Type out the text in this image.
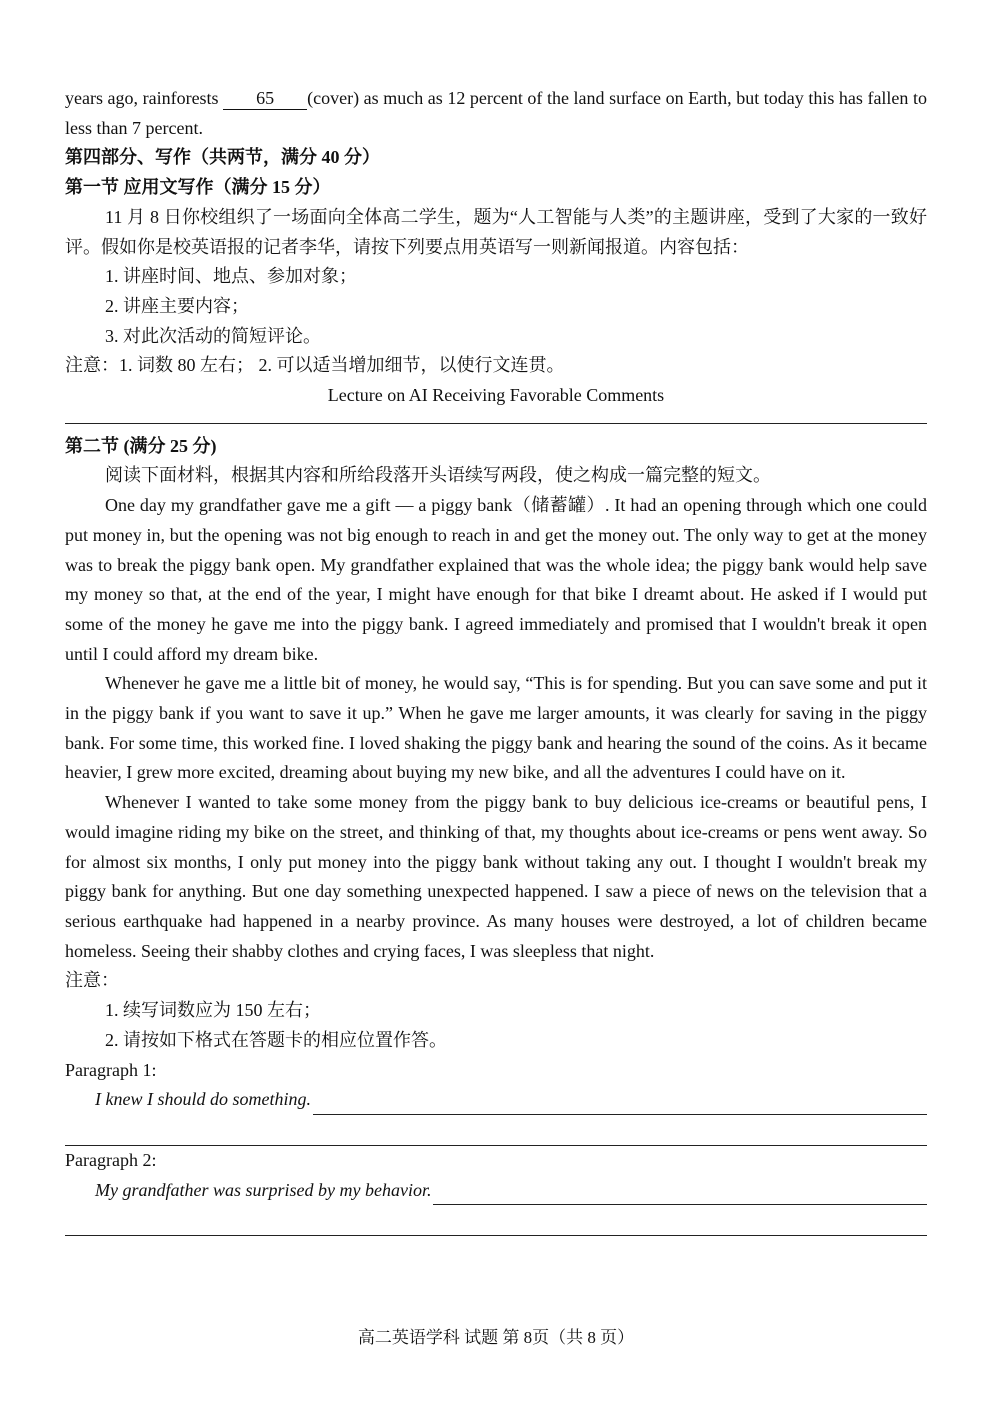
years ago, rainforests 65 (cover) as much as 12 percent of the land surface on Earth, but today this has fallen to less than 7 percent.

第四部分、写作（共两节，满分 40 分）

第一节 应用文写作（满分 15 分）

11 月 8 日你校组织了一场面向全体高二学生，题为“人工智能与人类”的主题讲座，受到了大家的一致好评。假如你是校英语报的记者李华，请按下列要点用英语写一则新闻报道。内容包括：

1. 讲座时间、地点、参加对象；

2. 讲座主要内容；

3. 对此次活动的简短评论。

注意：1. 词数 80 左右； 2. 可以适当增加细节，以使行文连贯。

Lecture on AI Receiving Favorable Comments

第二节 (满分 25 分)

阅读下面材料，根据其内容和所给段落开头语续写两段，使之构成一篇完整的短文。

One day my grandfather gave me a gift — a piggy bank（储蓄罐）. It had an opening through which one could put money in, but the opening was not big enough to reach in and get the money out. The only way to get at the money was to break the piggy bank open. My grandfather explained that was the whole idea; the piggy bank would help save my money so that, at the end of the year, I might have enough for that bike I dreamt about. He asked if I would put some of the money he gave me into the piggy bank. I agreed immediately and promised that I wouldn't break it open until I could afford my dream bike.

Whenever he gave me a little bit of money, he would say, “This is for spending. But you can save some and put it in the piggy bank if you want to save it up.” When he gave me larger amounts, it was clearly for saving in the piggy bank. For some time, this worked fine. I loved shaking the piggy bank and hearing the sound of the coins. As it became heavier, I grew more excited, dreaming about buying my new bike, and all the adventures I could have on it.

Whenever I wanted to take some money from the piggy bank to buy delicious ice-creams or beautiful pens, I would imagine riding my bike on the street, and thinking of that, my thoughts about ice-creams or pens went away. So for almost six months, I only put money into the piggy bank without taking any out. I thought I wouldn't break my piggy bank for anything. But one day something unexpected happened. I saw a piece of news on the television that a serious earthquake had happened in a nearby province. As many houses were destroyed, a lot of children became homeless. Seeing their shabby clothes and crying faces, I was sleepless that night.

注意：

1. 续写词数应为 150 左右；

2. 请按如下格式在答题卡的相应位置作答。

Paragraph 1:

I knew I should do something.

Paragraph 2:

My grandfather was surprised by my behavior.
高二英语学科 试题 第 8页（共 8 页）
